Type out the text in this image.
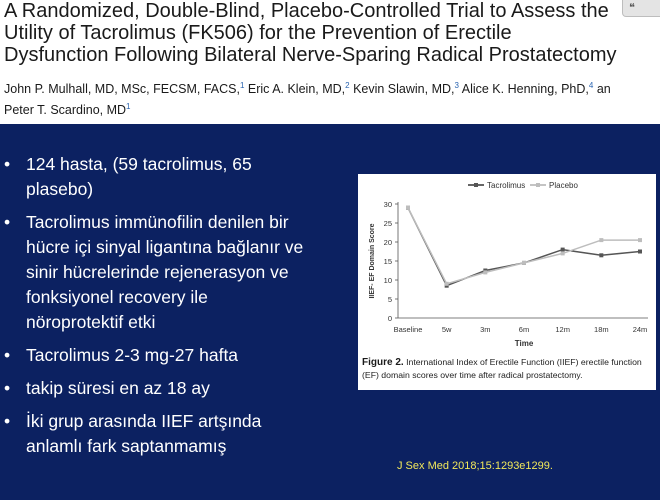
A Randomized, Double-Blind, Placebo-Controlled Trial to Assess the
Utility of Tacrolimus (FK506) for the Prevention of Erectile
Dysfunction Following Bilateral Nerve-Sparing Radical Prostatectomy
John P. Mulhall, MD, MSc, FECSM, FACS,$^1$ Eric A. Klein, MD,$^2$ Kevin Slawin, MD,$^3$ Alice K. Henning, PhD,$^4$ an
Peter T. Scardino, $MD^1$
❝
• 124 hasta, (59 tacrolimus, 65
plasebo)
• Tacrolimus immünofilin denilen bir
hücre içi sinyal ligantına bağlanır ve
sinir hücrelerinde rejenerasyon ve
fonksiyonel recovery ile
nöroprotektif etki
• Tacrolimus 2-3 mg-27 hafta
• takip süresi en az 18 ay
• İki grup arasında IIEF artşında
anlamlı fark saptanmamış
0
5
10
15
20
25
30
Baseline	5w	3m	6m	12m	18m	24m
Time
IIEF- EF Domain Score
Tacrolimus	Placebo
Figure 2. International Index of Erectile Function (IIEF) erectile function (EF) domain scores over time after radical prostatectomy.
J Sex Med 2018;15:1293e1299.
